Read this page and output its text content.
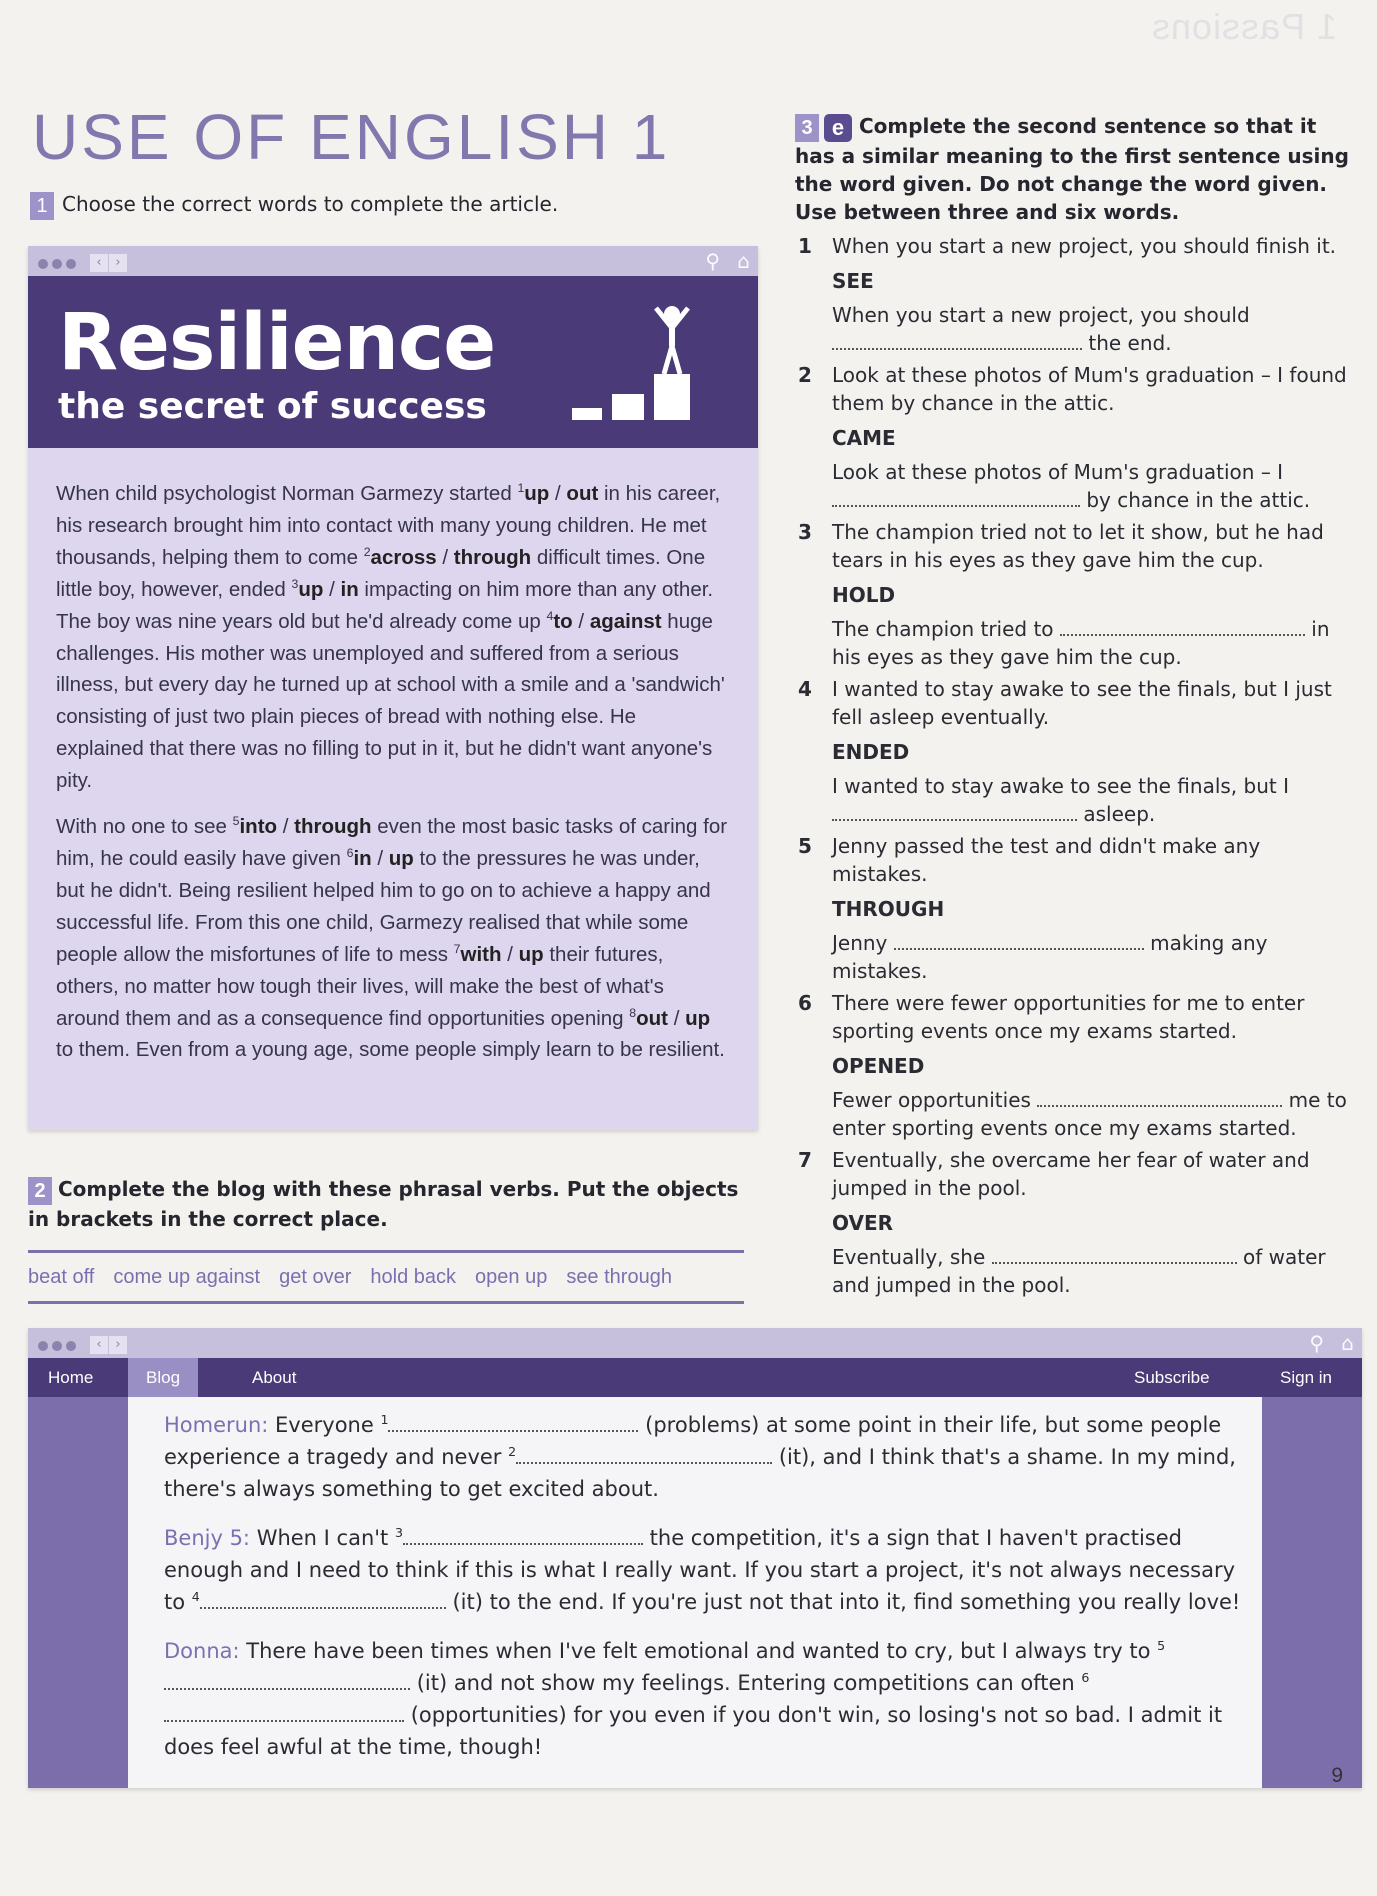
1 Passions
USE OF ENGLISH 1
1 Choose the correct words to complete the article.
‹ ›	⚲ ⌂
Resilience
the secret of success

When child psychologist Norman Garmezy started $^1$up / out in his career, his research brought him into contact with many young children. He met thousands, helping them to come $^2$across / through difficult times. One little boy, however, ended $^3$up / in impacting on him more than any other. The boy was nine years old but he'd already come up $^4$to / against huge challenges. His mother was unemployed and suffered from a serious illness, but every day he turned up at school with a smile and a 'sandwich' consisting of just two plain pieces of bread with nothing else. He explained that there was no filling to put in it, but he didn't want anyone's pity.

With no one to see $^5$into / through even the most basic tasks of caring for him, he could easily have given $^6$in / up to the pressures he was under, but he didn't. Being resilient helped him to go on to achieve a happy and successful life. From this one child, Garmezy realised that while some people allow the misfortunes of life to mess $^7$with / up their futures, others, no matter how tough their lives, will make the best of what's around them and as a consequence find opportunities opening $^8$out / up to them. Even from a young age, some people simply learn to be resilient.

2 Complete the blog with these phrasal verbs. Put the objects in brackets in the correct place.
beat off come up against get over hold back open up see through
3 e Complete the second sentence so that it has a similar meaning to the first sentence using the word given. Do not change the word given. Use between three and six words.
1 When you start a new project, you should finish it.
SEE
When you start a new project, you should
the end.
2 Look at these photos of Mum's graduation – I found them by chance in the attic.
CAME
Look at these photos of Mum's graduation – I  by chance in the attic.
3 The champion tried not to let it show, but he had tears in his eyes as they gave him the cup.
HOLD
The champion tried to	in his eyes as they gave him the cup.
4 I wanted to stay awake to see the finals, but I just fell asleep eventually.
ENDED
I wanted to stay awake to see the finals, but I  asleep.
5 Jenny passed the test and didn't make any mistakes.
THROUGH
Jenny	making any mistakes.
6 There were fewer opportunities for me to enter sporting events once my exams started.
OPENED
Fewer opportunities	me to enter sporting events once my exams started.
7 Eventually, she overcame her fear of water and jumped in the pool.
OVER
Eventually, she	of water and jumped in the pool.
‹ ›	⚲ ⌂
Home	Blog	About	Subscribe	Sign in

Homerun: Everyone $^1$	(problems) at some point in their life, but some people experience a tragedy and never $^2$	(it), and I think that's a shame. In my mind, there's always something to get excited about.

Benjy 5: When I can't $^3$	the competition, it's a sign that I haven't practised enough and I need to think if this is what I really want. If you start a project, it's not always necessary to $^4$	(it) to the end. If you're just not that into it, find something you really love!

Donna: There have been times when I've felt emotional and wanted to cry, but I always try to $^5$ (it) and not show my feelings. Entering competitions can often $^6$ (opportunities) for you even if you don't win, so losing's not so bad. I admit it does feel awful at the time, though!

9
